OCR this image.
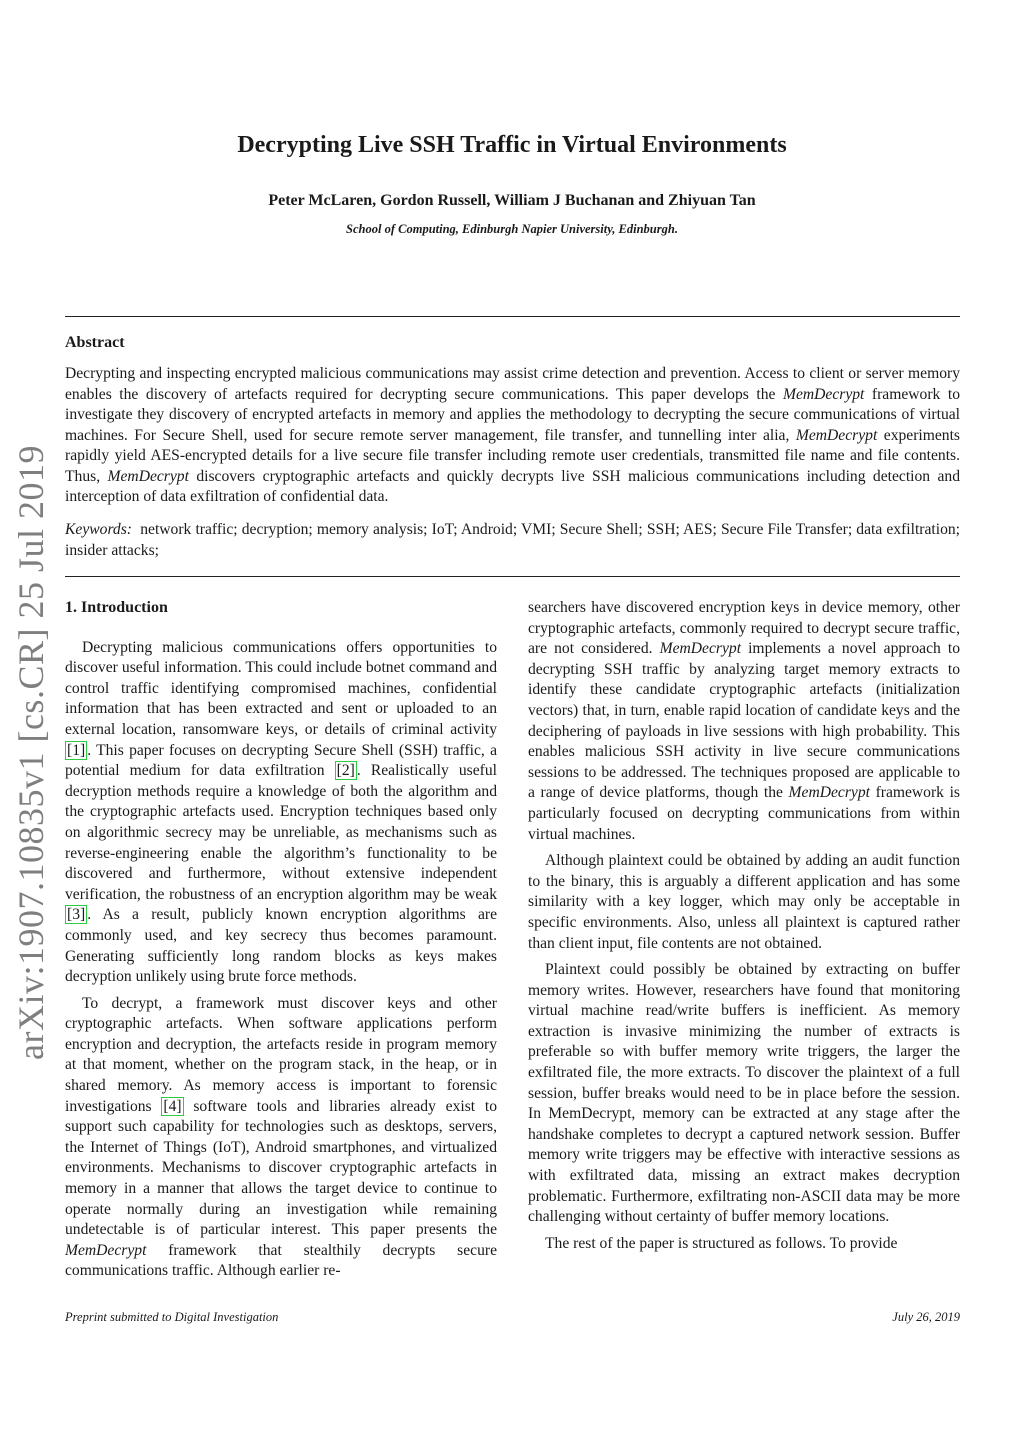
arXiv:1907.10835v1 [cs.CR] 25 Jul 2019
Decrypting Live SSH Traffic in Virtual Environments
Peter McLaren, Gordon Russell, William J Buchanan and Zhiyuan Tan
School of Computing, Edinburgh Napier University, Edinburgh.
Abstract
Decrypting and inspecting encrypted malicious communications may assist crime detection and prevention. Access to client or server memory enables the discovery of artefacts required for decrypting secure communications. This paper develops the MemDecrypt framework to investigate they discovery of encrypted artefacts in memory and applies the methodology to decrypting the secure communications of virtual machines. For Secure Shell, used for secure remote server management, file transfer, and tunnelling inter alia, MemDecrypt experiments rapidly yield AES-encrypted details for a live secure file transfer including remote user credentials, transmitted file name and file contents. Thus, MemDecrypt discovers cryptographic artefacts and quickly decrypts live SSH malicious communications including detection and interception of data exfiltration of confidential data.
Keywords: network traffic; decryption; memory analysis; IoT; Android; VMI; Secure Shell; SSH; AES; Secure File Transfer; data exfiltration; insider attacks;
1. Introduction

Decrypting malicious communications offers opportunities to discover useful information. This could include botnet command and control traffic identifying compromised machines, confidential information that has been extracted and sent or uploaded to an external location, ransomware keys, or details of criminal activity [1] . This paper focuses on decrypting Secure Shell (SSH) traffic, a potential medium for data exfiltration [2] . Realistically useful decryption methods require a knowledge of both the algorithm and the cryptographic artefacts used. Encryption techniques based only on algorithmic secrecy may be unreliable, as mechanisms such as reverse-engineering enable the algorithm’s functionality to be discovered and furthermore, without extensive independent verification, the robustness of an encryption algorithm may be weak [3] . As a result, publicly known encryption algorithms are commonly used, and key secrecy thus becomes paramount. Generating sufficiently long random blocks as keys makes decryption unlikely using brute force methods.

To decrypt, a framework must discover keys and other cryptographic artefacts. When software applications perform encryption and decryption, the artefacts reside in program memory at that moment, whether on the program stack, in the heap, or in shared memory. As memory access is important to forensic investigations [4] software tools and libraries already exist to support such capability for technologies such as desktops, servers, the Internet of Things (IoT), Android smartphones, and virtualized environments. Mechanisms to discover cryptographic artefacts in memory in a manner that allows the target device to continue to operate normally during an investigation while remaining undetectable is of particular interest. This paper presents the MemDecrypt framework that stealthily decrypts secure communications traffic. Although earlier re-

searchers have discovered encryption keys in device memory, other cryptographic artefacts, commonly required to decrypt secure traffic, are not considered. MemDecrypt implements a novel approach to decrypting SSH traffic by analyzing target memory extracts to identify these candidate cryptographic artefacts (initialization vectors) that, in turn, enable rapid location of candidate keys and the deciphering of payloads in live sessions with high probability. This enables malicious SSH activity in live secure communications sessions to be addressed. The techniques proposed are applicable to a range of device platforms, though the MemDecrypt framework is particularly focused on decrypting communications from within virtual machines.

Although plaintext could be obtained by adding an audit function to the binary, this is arguably a different application and has some similarity with a key logger, which may only be acceptable in specific environments. Also, unless all plaintext is captured rather than client input, file contents are not obtained.

Plaintext could possibly be obtained by extracting on buffer memory writes. However, researchers have found that monitoring virtual machine read/write buffers is inefficient. As memory extraction is invasive minimizing the number of extracts is preferable so with buffer memory write triggers, the larger the exfiltrated file, the more extracts. To discover the plaintext of a full session, buffer breaks would need to be in place before the session. In MemDecrypt, memory can be extracted at any stage after the handshake completes to decrypt a captured network session. Buffer memory write triggers may be effective with interactive sessions as with exfiltrated data, missing an extract makes decryption problematic. Furthermore, exfiltrating non-ASCII data may be more challenging without certainty of buffer memory locations.

The rest of the paper is structured as follows. To provide

Preprint submitted to Digital Investigation	July 26, 2019
